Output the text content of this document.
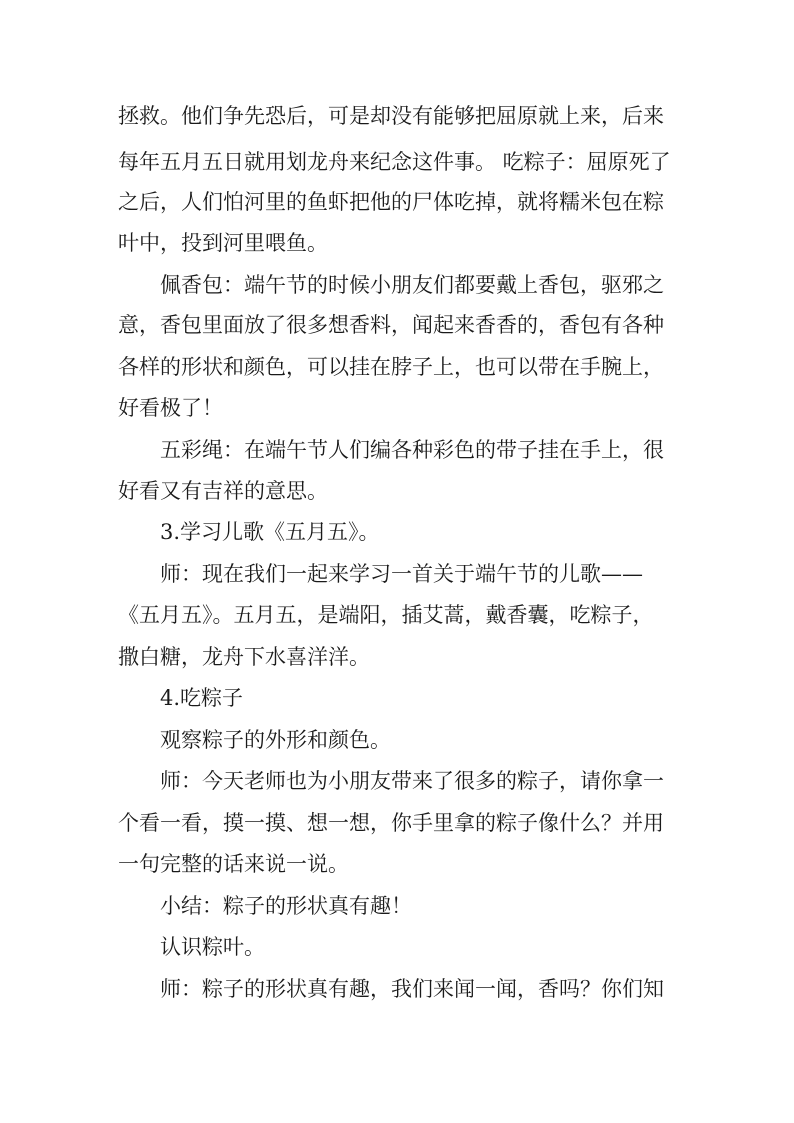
拯救。他们争先恐后，可是却没有能够把屈原就上来，后来
每年五月五日就用划龙舟来纪念这件事。 吃粽子：屈原死了
之后，人们怕河里的鱼虾把他的尸体吃掉，就将糯米包在粽
叶中，投到河里喂鱼。
佩香包：端午节的时候小朋友们都要戴上香包，驱邪之
意，香包里面放了很多想香料，闻起来香香的，香包有各种
各样的形状和颜色，可以挂在脖子上，也可以带在手腕上，
好看极了！
五彩绳：在端午节人们编各种彩色的带子挂在手上，很
好看又有吉祥的意思。
3.学习儿歌《五月五》。
师：现在我们一起来学习一首关于端午节的儿歌——
《五月五》。五月五，是端阳，插艾蒿，戴香囊，吃粽子，
撒白糖，龙舟下水喜洋洋。
4.吃粽子
观察粽子的外形和颜色。
师：今天老师也为小朋友带来了很多的粽子，请你拿一
个看一看，摸一摸、想一想，你手里拿的粽子像什么？并用
一句完整的话来说一说。
小结：粽子的形状真有趣！
认识粽叶。
师：粽子的形状真有趣，我们来闻一闻，香吗？你们知
